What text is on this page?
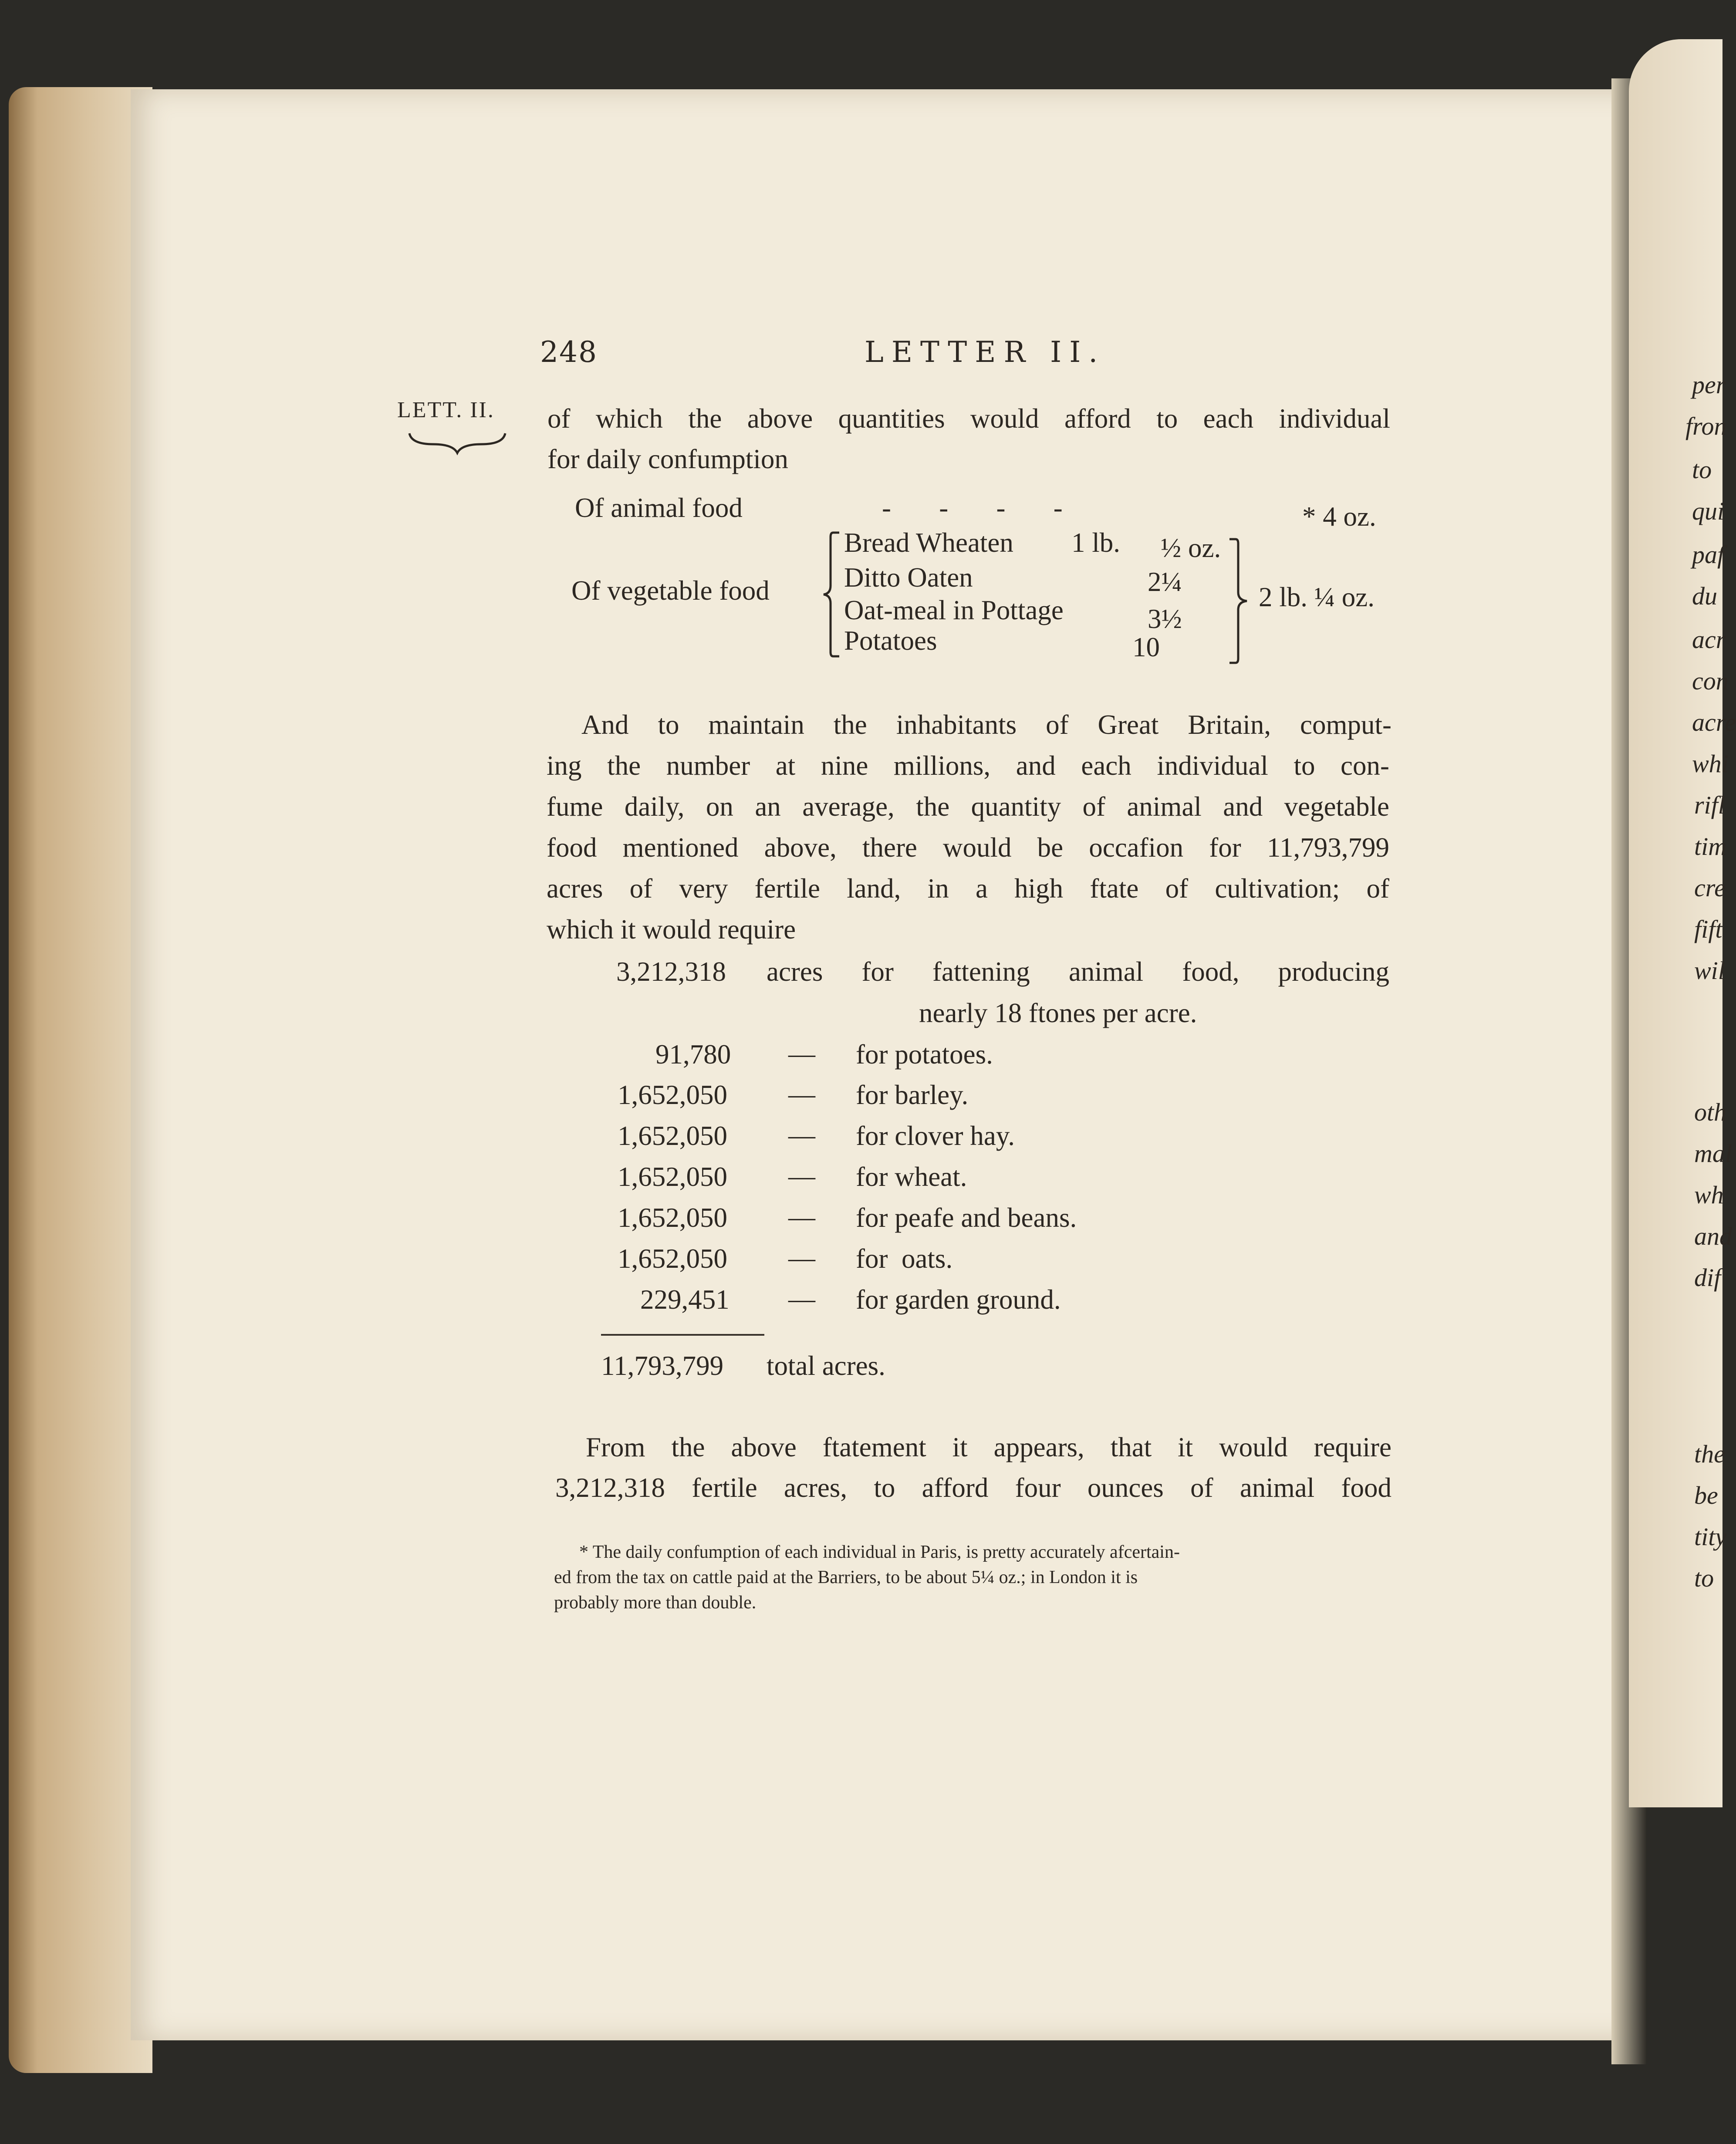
248	LETTER II.
LETT. II. of which the above quantities would afford to each individual
for daily confumption
Of animal food	-       -       -       -	* 4 oz.
Of vegetable food
Bread Wheaten 1 lb. ½ oz.
Ditto Oaten	2¼
Oat-meal in Pottage	3½
Potatoes	10
2 lb. ¼ oz.
And to maintain the inhabitants of Great Britain, comput-
ing the number at nine millions, and each individual to con-
fume daily, on an average, the quantity of animal and vegetable
food mentioned above, there would be occafion for 11,793,799
acres of very fertile land, in a high ftate of cultivation; of
which it would require
3,212,318 acres for fattening animal food, producing
nearly 18 ftones per acre.
91,780 — for potatoes.
1,652,050 — for barley.
1,652,050 — for clover hay.
1,652,050 — for wheat.
1,652,050 — for peafe and beans.
1,652,050 — for  oats.
229,451 — for garden ground.
11,793,799 total acres.
From the above ftatement it appears, that it would require
3,212,318 fertile acres, to afford four ounces of animal food
* The daily confumption of each individual in Paris, is pretty accurately afcertain-
ed from the tax on cattle paid at the Barriers, to be about 5¼ oz.; in London it is
probably more than double.
per
fron
to
qui
paf
du
acr
con
acre
whi
rifl
tim
cre
fift
wil
oth
mal
wh
and
dif
the
be
tity
to
